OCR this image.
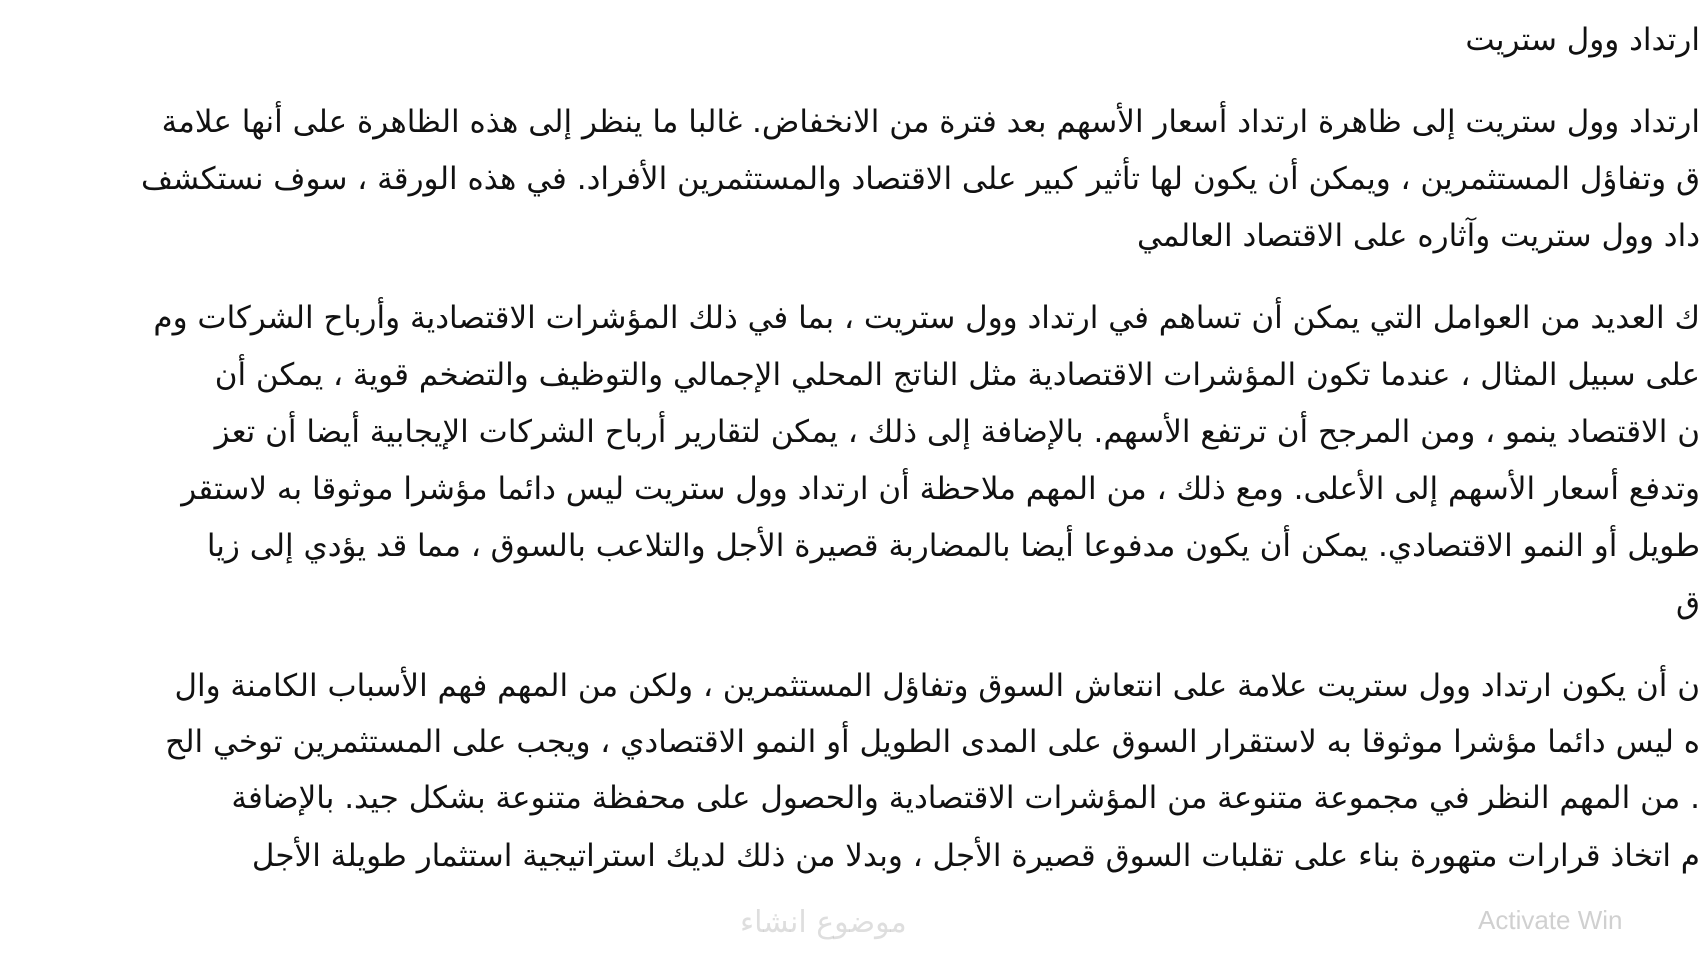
ارتداد وول ستريت
ارتداد وول ستريت إلى ظاهرة ارتداد أسعار الأسهم بعد فترة من الانخفاض. غالبا ما ينظر إلى هذه الظاهرة على أنها علامة
ق وتفاؤل المستثمرين ، ويمكن أن يكون لها تأثير كبير على الاقتصاد والمستثمرين الأفراد. في هذه الورقة ، سوف نستكشف
داد وول ستريت وآثاره على الاقتصاد العالمي
ك العديد من العوامل التي يمكن أن تساهم في ارتداد وول ستريت ، بما في ذلك المؤشرات الاقتصادية وأرباح الشركات وم
على سبيل المثال ، عندما تكون المؤشرات الاقتصادية مثل الناتج المحلي الإجمالي والتوظيف والتضخم قوية ، يمكن أن
ن الاقتصاد ينمو ، ومن المرجح أن ترتفع الأسهم. بالإضافة إلى ذلك ، يمكن لتقارير أرباح الشركات الإيجابية أيضا أن تعز
وتدفع أسعار الأسهم إلى الأعلى. ومع ذلك ، من المهم ملاحظة أن ارتداد وول ستريت ليس دائما مؤشرا موثوقا به لاستقر
طويل أو النمو الاقتصادي. يمكن أن يكون مدفوعا أيضا بالمضاربة قصيرة الأجل والتلاعب بالسوق ، مما قد يؤدي إلى زيا
ق
ن أن يكون ارتداد وول ستريت علامة على انتعاش السوق وتفاؤل المستثمرين ، ولكن من المهم فهم الأسباب الكامنة وال
ه ليس دائما مؤشرا موثوقا به لاستقرار السوق على المدى الطويل أو النمو الاقتصادي ، ويجب على المستثمرين توخي الح
. من المهم النظر في مجموعة متنوعة من المؤشرات الاقتصادية والحصول على محفظة متنوعة بشكل جيد. بالإضافة
م اتخاذ قرارات متهورة بناء على تقلبات السوق قصيرة الأجل ، وبدلا من ذلك لديك استراتيجية استثمار طويلة الأجل
موضوع انشاء	Activate Win
